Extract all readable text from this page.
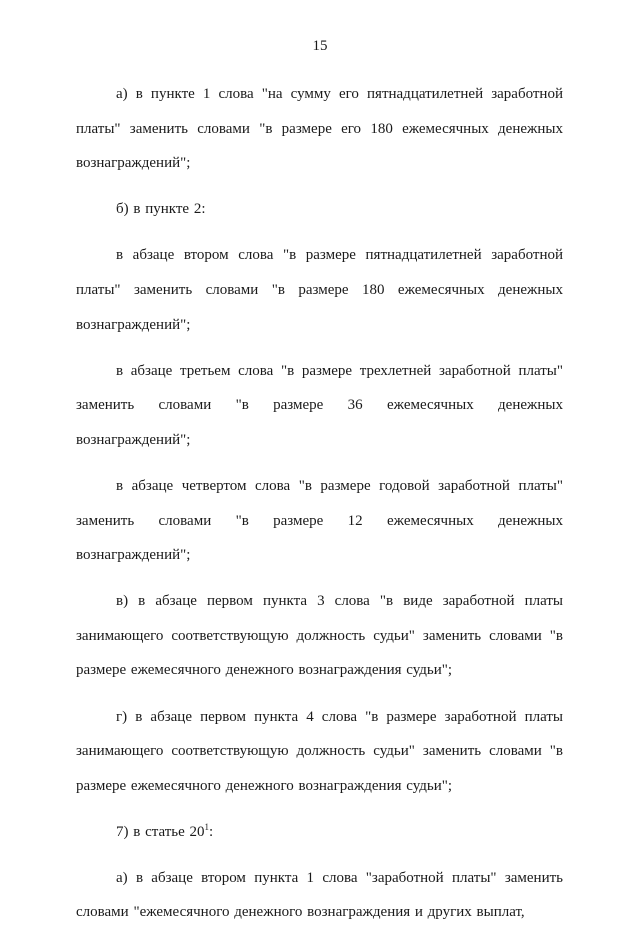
15

а) в пункте 1 слова "на сумму его пятнадцатилетней заработной платы" заменить словами "в размере его 180 ежемесячных денежных вознаграждений";

б) в пункте 2:

в абзаце втором слова "в размере пятнадцатилетней заработной платы" заменить словами "в размере 180 ежемесячных денежных вознаграждений";

в абзаце третьем слова "в размере трехлетней заработной платы" заменить словами "в размере 36 ежемесячных денежных вознаграждений";

в абзаце четвертом слова "в размере годовой заработной платы" заменить словами "в размере 12 ежемесячных денежных вознаграждений";

в) в абзаце первом пункта 3 слова "в виде заработной платы занимающего соответствующую должность судьи" заменить словами "в размере ежемесячного денежного вознаграждения судьи";

г) в абзаце первом пункта 4 слова "в размере заработной платы занимающего соответствующую должность судьи" заменить словами "в размере ежемесячного денежного вознаграждения судьи";

7) в статье $20^1$:

а) в абзаце втором пункта 1 слова "заработной платы" заменить словами "ежемесячного денежного вознаграждения и других выплат,
